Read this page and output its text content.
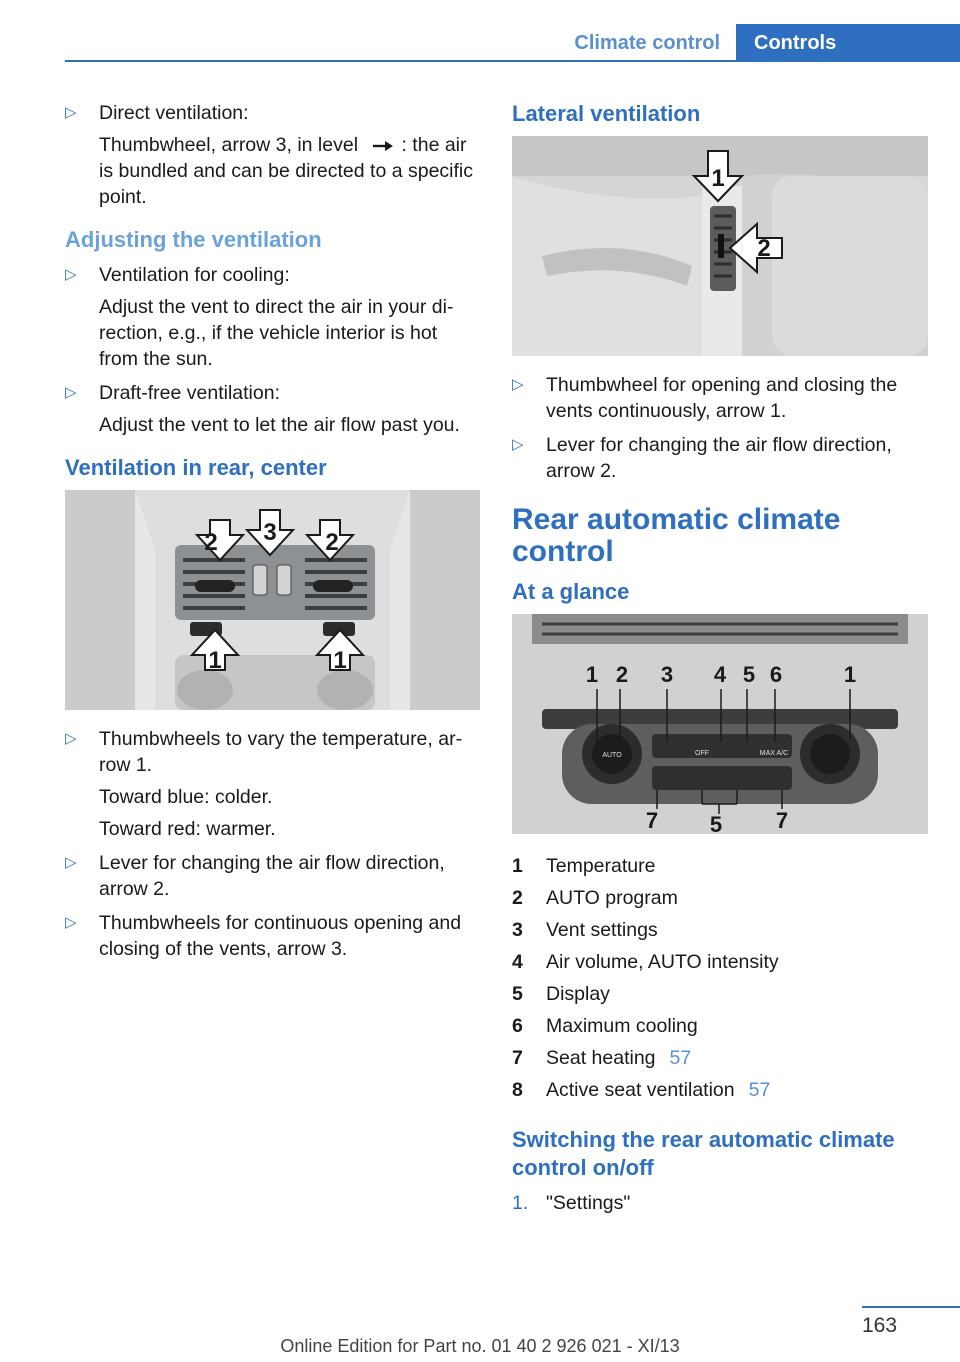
Climate control	Controls
▷ Direct ventilation:
Thumbwheel, arrow 3, in level : the air is bundled and can be directed to a specific point.
Adjusting the ventilation
▷ Ventilation for cooling:
Adjust the vent to direct the air in your di‐rection, e.g., if the vehicle interior is hot from the sun.
▷ Draft-free ventilation:
Adjust the vent to let the air flow past you.
Ventilation in rear, center
2 3 2
1	1
▷ Thumbwheels to vary the temperature, ar‐row 1.
Toward blue: colder.
Toward red: warmer.
▷ Lever for changing the air flow direction, arrow 2.
▷ Thumbwheels for continuous opening and closing of the vents, arrow 3.
Lateral ventilation
1
2
▷ Thumbwheel for opening and closing the vents continuously, arrow 1.
▷ Lever for changing the air flow direction, arrow 2.
Rear automatic climate control
At a glance
1 2 3 4 5 6	1
7 5 7
AUTO	OFF	MAX A/C
1	Temperature
2	AUTO program
3	Vent settings
4	Air volume, AUTO intensity
5	Display
6	Maximum cooling
7	Seat heating 57
8	Active seat ventilation 57
Switching the rear automatic climate control on/off
1. "Settings"
163
Online Edition for Part no. 01 40 2 926 021 - XI/13
